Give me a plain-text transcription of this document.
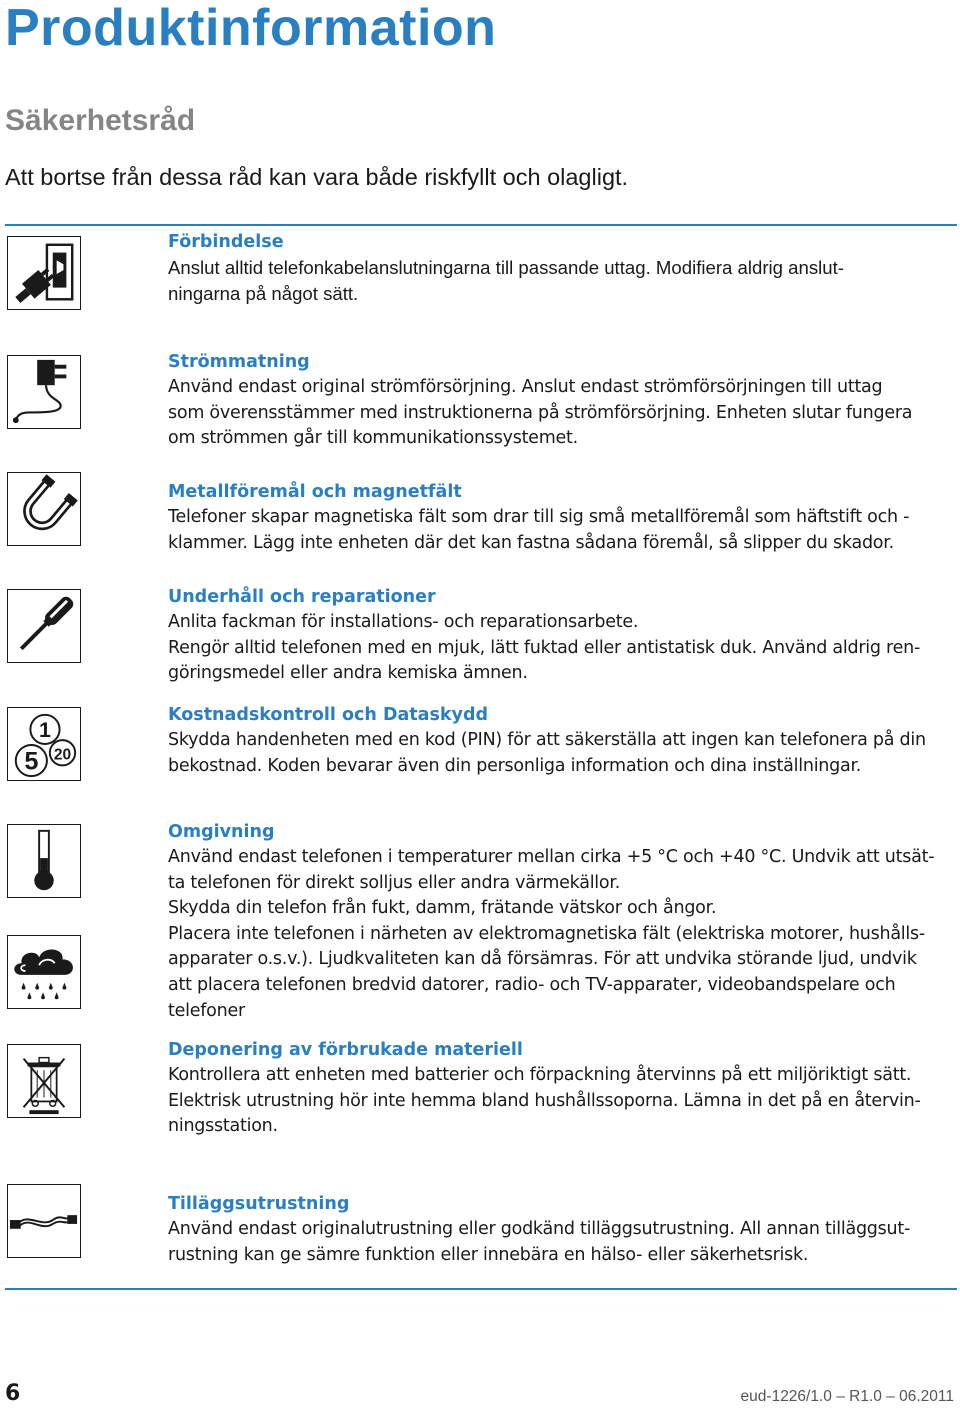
Produktinformation
Säkerhetsråd

Att bortse från dessa råd kan vara både riskfyllt och olagligt.

1
20
5
Förbindelse

Anslut alltid telefonkabelanslutningarna till passande uttag. Modifiera aldrig anslut-

ningarna på något sätt.

Strömmatning

Använd endast original strömförsörjning. Anslut endast strömförsörjningen till uttag

som överensstämmer med instruktionerna på strömförsörjning. Enheten slutar fungera

om strömmen går till kommunikationssystemet.

Metallföremål och magnetfält

Telefoner skapar magnetiska fält som drar till sig små metallföremål som häftstift och -

klammer. Lägg inte enheten där det kan fastna sådana föremål, så slipper du skador.

Underhåll och reparationer

Anlita fackman för installations- och reparationsarbete.

Rengör alltid telefonen med en mjuk, lätt fuktad eller antistatisk duk. Använd aldrig ren-

göringsmedel eller andra kemiska ämnen.

Kostnadskontroll och Dataskydd

Skydda handenheten med en kod (PIN) för att säkerställa att ingen kan telefonera på din

bekostnad. Koden bevarar även din personliga information och dina inställningar.

Omgivning

Använd endast telefonen i temperaturer mellan cirka +5 °C och +40 °C. Undvik att utsät-

ta telefonen för direkt solljus eller andra värmekällor.

Skydda din telefon från fukt, damm, frätande vätskor och ångor.

Placera inte telefonen i närheten av elektromagnetiska fält (elektriska motorer, hushålls-

apparater o.s.v.). Ljudkvaliteten kan då försämras. För att undvika störande ljud, undvik

att placera telefonen bredvid datorer, radio- och TV-apparater, videobandspelare och

telefoner

Deponering av förbrukade materiell

Kontrollera att enheten med batterier och förpackning återvinns på ett miljöriktigt sätt.

Elektrisk utrustning hör inte hemma bland hushållssoporna. Lämna in det på en återvin-

ningsstation.

Tilläggsutrustning

Använd endast originalutrustning eller godkänd tilläggsutrustning. All annan tilläggsut-

rustning kan ge sämre funktion eller innebära en hälso- eller säkerhetsrisk.

6	eud-1226/1.0 – R1.0 – 06.2011
